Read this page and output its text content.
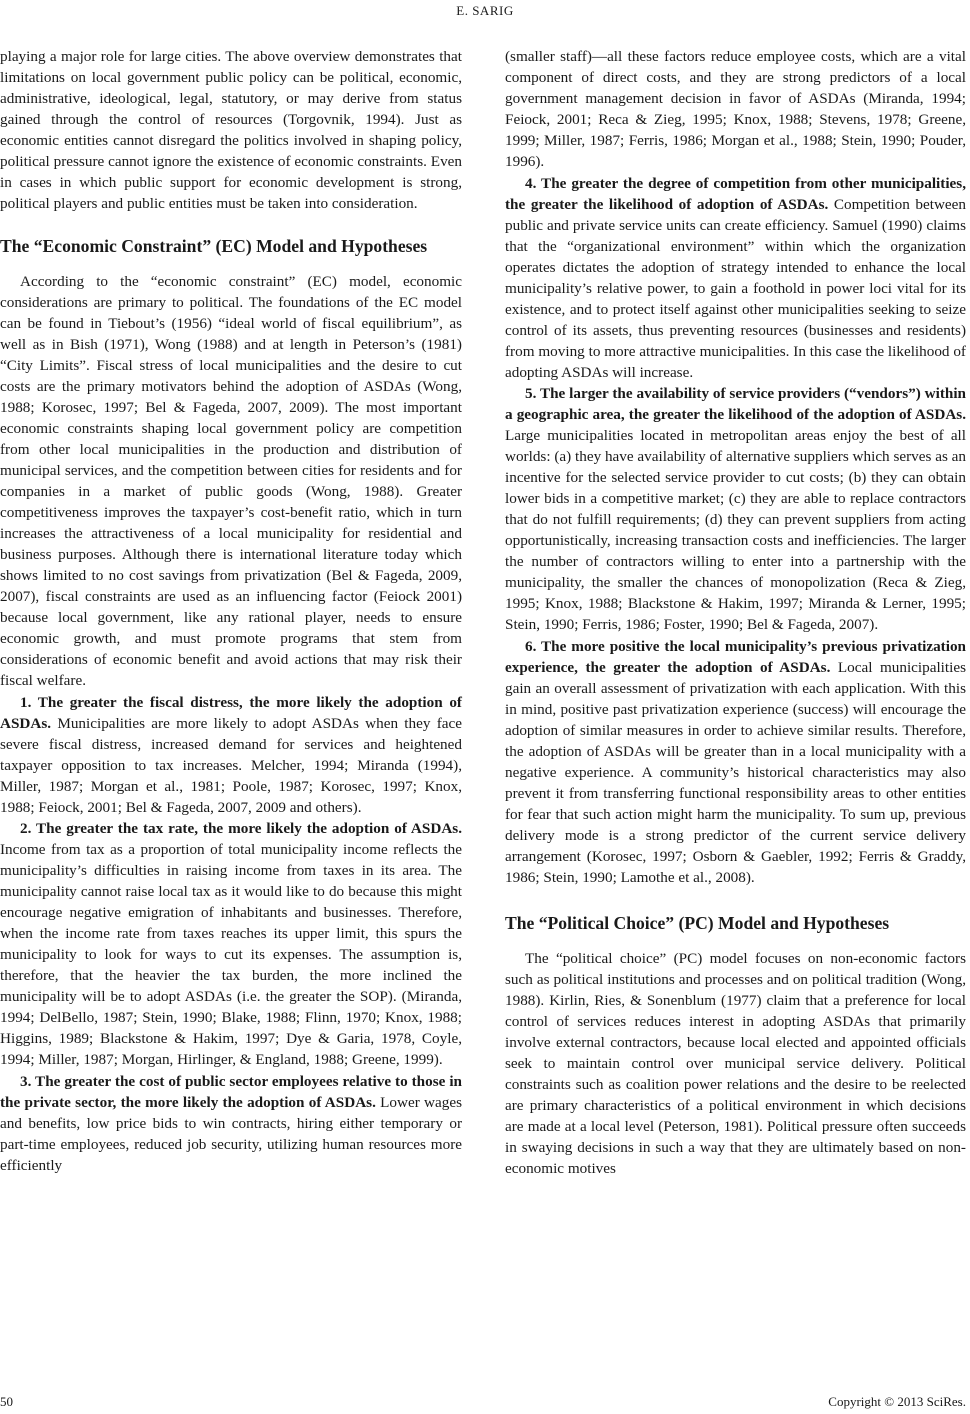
E. SARIG

playing a major role for large cities. The above overview demonstrates that limitations on local government public policy can be political, economic, administrative, ideological, legal, statutory, or may derive from status gained through the control of resources (Torgovnik, 1994). Just as economic entities cannot disregard the politics involved in shaping policy, political pressure cannot ignore the existence of economic constraints. Even in cases in which public support for economic development is strong, political players and public entities must be taken into consideration.

The “Economic Constraint” (EC) Model and Hypotheses

According to the “economic constraint” (EC) model, economic considerations are primary to political. The foundations of the EC model can be found in Tiebout’s (1956) “ideal world of fiscal equilibrium”, as well as in Bish (1971), Wong (1988) and at length in Peterson’s (1981) “City Limits”. Fiscal stress of local municipalities and the desire to cut costs are the primary motivators behind the adoption of ASDAs (Wong, 1988; Korosec, 1997; Bel & Fageda, 2007, 2009). The most important economic constraints shaping local government policy are competition from other local municipalities in the production and distribution of municipal services, and the competition between cities for residents and for companies in a market of public goods (Wong, 1988). Greater competitiveness improves the taxpayer’s cost-benefit ratio, which in turn increases the attractiveness of a local municipality for residential and business purposes. Although there is international literature today which shows limited to no cost savings from privatization (Bel & Fageda, 2009, 2007), fiscal constraints are used as an influencing factor (Feiock 2001) because local government, like any rational player, needs to ensure economic growth, and must promote programs that stem from considerations of economic benefit and avoid actions that may risk their fiscal welfare.

1. The greater the fiscal distress, the more likely the adoption of ASDAs. Municipalities are more likely to adopt ASDAs when they face severe fiscal distress, increased demand for services and heightened taxpayer opposition to tax increases. Melcher, 1994; Miranda (1994), Miller, 1987; Morgan et al., 1981; Poole, 1987; Korosec, 1997; Knox, 1988; Feiock, 2001; Bel & Fageda, 2007, 2009 and others).

2. The greater the tax rate, the more likely the adoption of ASDAs. Income from tax as a proportion of total municipality income reflects the municipality’s difficulties in raising income from taxes in its area. The municipality cannot raise local tax as it would like to do because this might encourage negative emigration of inhabitants and businesses. Therefore, when the income rate from taxes reaches its upper limit, this spurs the municipality to look for ways to cut its expenses. The assumption is, therefore, that the heavier the tax burden, the more inclined the municipality will be to adopt ASDAs (i.e. the greater the SOP). (Miranda, 1994; DelBello, 1987; Stein, 1990; Blake, 1988; Flinn, 1970; Knox, 1988; Higgins, 1989; Blackstone & Hakim, 1997; Dye & Garia, 1978, Coyle, 1994; Miller, 1987; Morgan, Hirlinger, & England, 1988; Greene, 1999).

3. The greater the cost of public sector employees relative to those in the private sector, the more likely the adoption of ASDAs. Lower wages and benefits, low price bids to win contracts, hiring either temporary or part-time employees, reduced job security, utilizing human resources more efficiently

(smaller staff)—all these factors reduce employee costs, which are a vital component of direct costs, and they are strong predictors of a local government management decision in favor of ASDAs (Miranda, 1994; Feiock, 2001; Reca & Zieg, 1995; Knox, 1988; Stevens, 1978; Greene, 1999; Miller, 1987; Ferris, 1986; Morgan et al., 1988; Stein, 1990; Pouder, 1996).

4. The greater the degree of competition from other municipalities, the greater the likelihood of adoption of ASDAs. Competition between public and private service units can create efficiency. Samuel (1990) claims that the “organizational environment” within which the organization operates dictates the adoption of strategy intended to enhance the local municipality’s relative power, to gain a foothold in power loci vital for its existence, and to protect itself against other municipalities seeking to seize control of its assets, thus preventing resources (businesses and residents) from moving to more attractive municipalities. In this case the likelihood of adopting ASDAs will increase.

5. The larger the availability of service providers (“vendors”) within a geographic area, the greater the likelihood of the adoption of ASDAs. Large municipalities located in metropolitan areas enjoy the best of all worlds: (a) they have availability of alternative suppliers which serves as an incentive for the selected service provider to cut costs; (b) they can obtain lower bids in a competitive market; (c) they are able to replace contractors that do not fulfill requirements; (d) they can prevent suppliers from acting opportunistically, increasing transaction costs and inefficiencies. The larger the number of contractors willing to enter into a partnership with the municipality, the smaller the chances of monopolization (Reca & Zieg, 1995; Knox, 1988; Blackstone & Hakim, 1997; Miranda & Lerner, 1995; Stein, 1990; Ferris, 1986; Foster, 1990; Bel & Fageda, 2007).

6. The more positive the local municipality’s previous privatization experience, the greater the adoption of ASDAs. Local municipalities gain an overall assessment of privatization with each application. With this in mind, positive past privatization experience (success) will encourage the adoption of similar measures in order to achieve similar results. Therefore, the adoption of ASDAs will be greater than in a local municipality with a negative experience. A community’s historical characteristics may also prevent it from transferring functional responsibility areas to other entities for fear that such action might harm the municipality. To sum up, previous delivery mode is a strong predictor of the current service delivery arrangement (Korosec, 1997; Osborn & Gaebler, 1992; Ferris & Graddy, 1986; Stein, 1990; Lamothe et al., 2008).

The “Political Choice” (PC) Model and Hypotheses

The “political choice” (PC) model focuses on non-economic factors such as political institutions and processes and on political tradition (Wong, 1988). Kirlin, Ries, & Sonenblum (1977) claim that a preference for local control of services reduces interest in adopting ASDAs that primarily involve external contractors, because local elected and appointed officials seek to maintain control over municipal service delivery. Political constraints such as coalition power relations and the desire to be reelected are primary characteristics of a political environment in which decisions are made at a local level (Peterson, 1981). Political pressure often succeeds in swaying decisions in such a way that they are ultimately based on non-economic motives

50	Copyright © 2013 SciRes.
